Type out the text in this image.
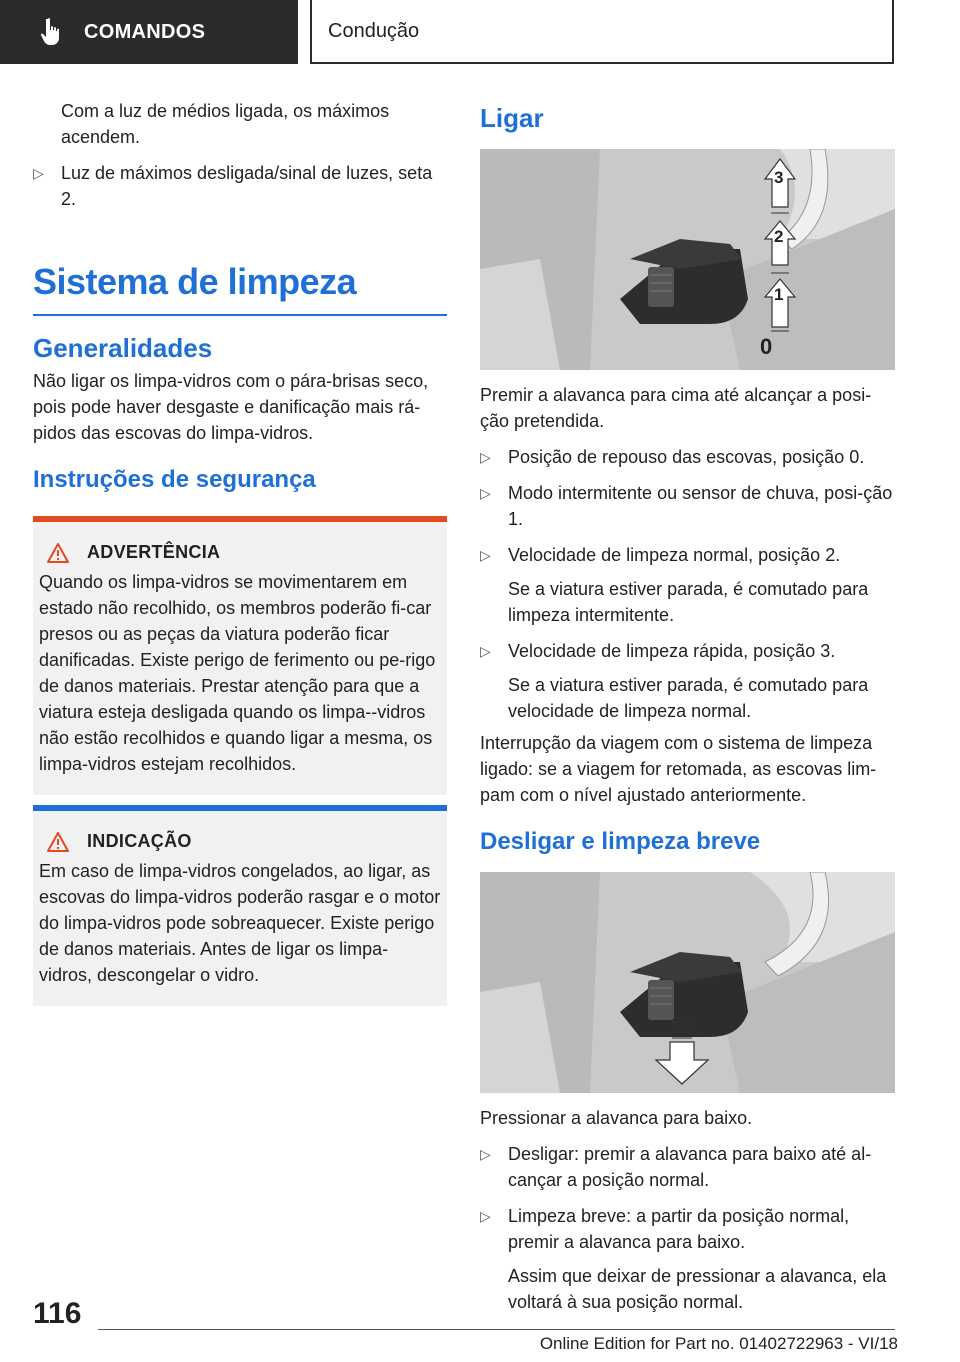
COMANDOS	Condução

Com a luz de médios ligada, os máximos acendem.

▷ Luz de máximos desligada/sinal de luzes, seta 2.
Sistema de limpeza
Generalidades

Não ligar os limpa-vidros com o pára-brisas seco, pois pode haver desgaste e danificação mais rá-pidos das escovas do limpa-vidros.

Instruções de segurança
ADVERTÊNCIA
Quando os limpa-vidros se movimentarem em estado não recolhido, os membros poderão fi-car presos ou as peças da viatura poderão ficar danificadas. Existe perigo de ferimento ou pe-rigo de danos materiais. Prestar atenção para que a viatura esteja desligada quando os limpa--vidros não estão recolhidos e quando ligar a mesma, os limpa-vidros estejam recolhidos.
INDICAÇÃO
Em caso de limpa-vidros congelados, ao ligar, as escovas do limpa-vidros poderão rasgar e o motor do limpa-vidros pode sobreaquecer. Existe perigo de danos materiais. Antes de ligar os limpa-vidros, descongelar o vidro.
Ligar
1
2
3
0

Premir a alavanca para cima até alcançar a posi-ção pretendida.

▷ Posição de repouso das escovas, posição 0.
▷ Modo intermitente ou sensor de chuva, posi-ção 1.
▷ Velocidade de limpeza normal, posição 2.
Se a viatura estiver parada, é comutado para limpeza intermitente.
▷ Velocidade de limpeza rápida, posição 3.
Se a viatura estiver parada, é comutado para velocidade de limpeza normal.

Interrupção da viagem com o sistema de limpeza ligado: se a viagem for retomada, as escovas lim-pam com o nível ajustado anteriormente.

Desligar e limpeza breve

Pressionar a alavanca para baixo.

▷ Desligar: premir a alavanca para baixo até al-cançar a posição normal.
▷ Limpeza breve: a partir da posição normal, premir a alavanca para baixo.
Assim que deixar de pressionar a alavanca, ela voltará à sua posição normal.
116
Online Edition for Part no. 01402722963 - VI/18
